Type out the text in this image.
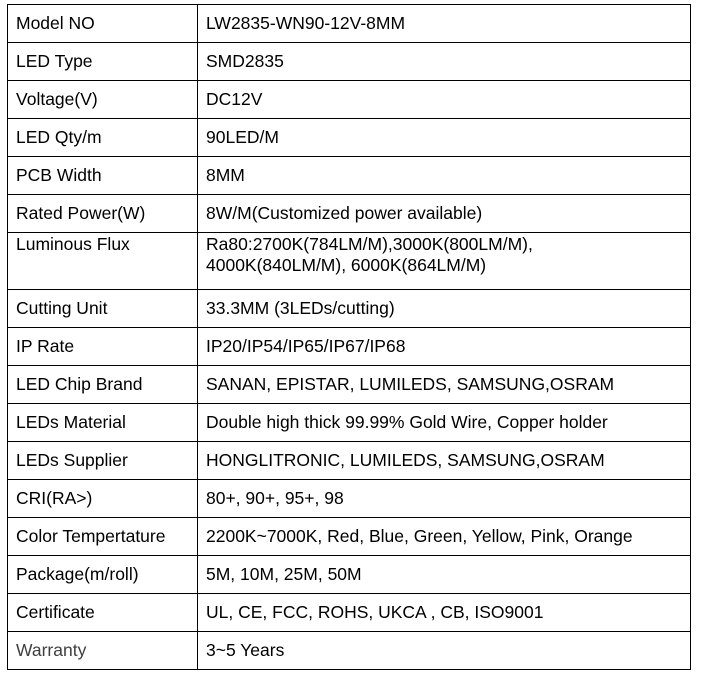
Model NO	LW2835-WN90-12V-8MM
LED Type	SMD2835
Voltage(V)	DC12V
LED Qty/m	90LED/M
PCB Width	8MM
Rated Power(W)	8W/M(Customized power available)
Luminous Flux	Ra80:2700K(784LM/M),3000K(800LM/M),
4000K(840LM/M), 6000K(864LM/M)

Cutting Unit	33.3MM (3LEDs/cutting)
IP Rate	IP20/IP54/IP65/IP67/IP68
LED Chip Brand	SANAN, EPISTAR, LUMILEDS, SAMSUNG,OSRAM
LEDs Material	Double high thick 99.99% Gold Wire, Copper holder
LEDs Supplier	HONGLITRONIC, LUMILEDS, SAMSUNG,OSRAM
CRI(RA>)	80+, 90+, 95+, 98
Color Tempertature	2200K~7000K, Red, Blue, Green, Yellow, Pink, Orange
Package(m/roll)	5M, 10M, 25M, 50M
Certificate	UL, CE, FCC, ROHS, UKCA , CB, ISO9001
Warranty	3~5 Years
